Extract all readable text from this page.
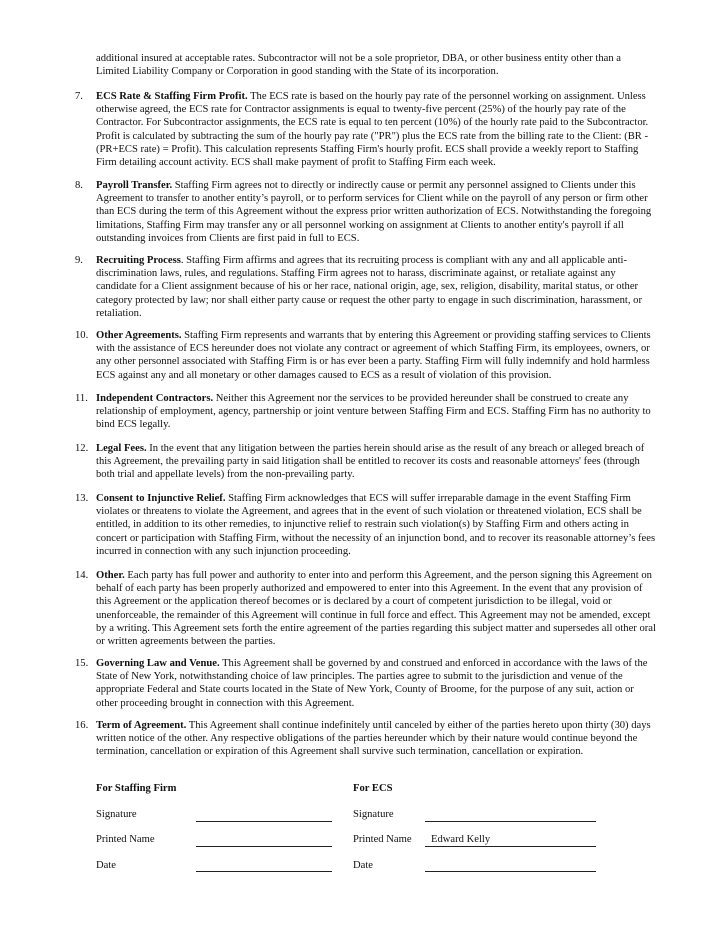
additional insured at acceptable rates. Subcontractor will not be a sole proprietor, DBA, or other business entity other than a Limited Liability Company or Corporation in good standing with the State of its incorporation.
7.	ECS Rate & Staffing Firm Profit. The ECS rate is based on the hourly pay rate of the personnel working on assignment. Unless otherwise agreed, the ECS rate for Contractor assignments is equal to twenty-five percent (25%) of the hourly pay rate of the Contractor. For Subcontractor assignments, the ECS rate is equal to ten percent (10%) of the hourly rate paid to the Subcontractor. Profit is calculated by subtracting the sum of the hourly pay rate ("PR") plus the ECS rate from the billing rate to the Client: (BR - (PR+ECS rate) = Profit). This calculation represents Staffing Firm's hourly profit. ECS shall provide a weekly report to Staffing Firm detailing account activity. ECS shall make payment of profit to Staffing Firm each week.
8.	Payroll Transfer. Staffing Firm agrees not to directly or indirectly cause or permit any personnel assigned to Clients under this Agreement to transfer to another entity’s payroll, or to perform services for Client while on the payroll of any person or firm other than ECS during the term of this Agreement without the express prior written authorization of ECS. Notwithstanding the foregoing limitations, Staffing Firm may transfer any or all personnel working on assignment at Clients to another entity's payroll if all outstanding invoices from Clients are first paid in full to ECS.
9.	Recruiting Process. Staffing Firm affirms and agrees that its recruiting process is compliant with any and all applicable anti-discrimination laws, rules, and regulations. Staffing Firm agrees not to harass, discriminate against, or retaliate against any candidate for a Client assignment because of his or her race, national origin, age, sex, religion, disability, marital status, or other category protected by law; nor shall either party cause or request the other party to engage in such discrimination, harassment, or retaliation.
10. Other Agreements. Staffing Firm represents and warrants that by entering this Agreement or providing staffing services to Clients with the assistance of ECS hereunder does not violate any contract or agreement of which Staffing Firm, its employees, owners, or any other personnel associated with Staffing Firm is or has ever been a party. Staffing Firm will fully indemnify and hold harmless ECS against any and all monetary or other damages caused to ECS as a result of violation of this provision.
11. Independent Contractors. Neither this Agreement nor the services to be provided hereunder shall be construed to create any relationship of employment, agency, partnership or joint venture between Staffing Firm and ECS. Staffing Firm has no authority to bind ECS legally.
12. Legal Fees. In the event that any litigation between the parties herein should arise as the result of any breach or alleged breach of this Agreement, the prevailing party in said litigation shall be entitled to recover its costs and reasonable attorneys' fees (through both trial and appellate levels) from the non-prevailing party.
13. Consent to Injunctive Relief. Staffing Firm acknowledges that ECS will suffer irreparable damage in the event Staffing Firm violates or threatens to violate the Agreement, and agrees that in the event of such violation or threatened violation, ECS shall be entitled, in addition to its other remedies, to injunctive relief to restrain such violation(s) by Staffing Firm and others acting in concert or participation with Staffing Firm, without the necessity of an injunction bond, and to recover its reasonable attorney’s fees incurred in connection with any such injunction proceeding.
14. Other. Each party has full power and authority to enter into and perform this Agreement, and the person signing this Agreement on behalf of each party has been properly authorized and empowered to enter into this Agreement. In the event that any provision of this Agreement or the application thereof becomes or is declared by a court of competent jurisdiction to be illegal, void or unenforceable, the remainder of this Agreement will continue in full force and effect. This Agreement may not be amended, except by a writing. This Agreement sets forth the entire agreement of the parties regarding this subject matter and supersedes all other oral or written agreements between the parties.
15. Governing Law and Venue. This Agreement shall be governed by and construed and enforced in accordance with the laws of the State of New York, notwithstanding choice of law principles. The parties agree to submit to the jurisdiction and venue of the appropriate Federal and State courts located in the State of New York, County of Broome, for the purpose of any suit, action or other proceeding brought in connection with this Agreement.
16. Term of Agreement. This Agreement shall continue indefinitely until canceled by either of the parties hereto upon thirty (30) days written notice of the other. Any respective obligations of the parties hereunder which by their nature would continue beyond the termination, cancellation or expiration of this Agreement shall survive such termination, cancellation or expiration.
For Staffing Firm
Signature
Printed Name
Date
For ECS
Signature
Printed Name Edward Kelly
Date
